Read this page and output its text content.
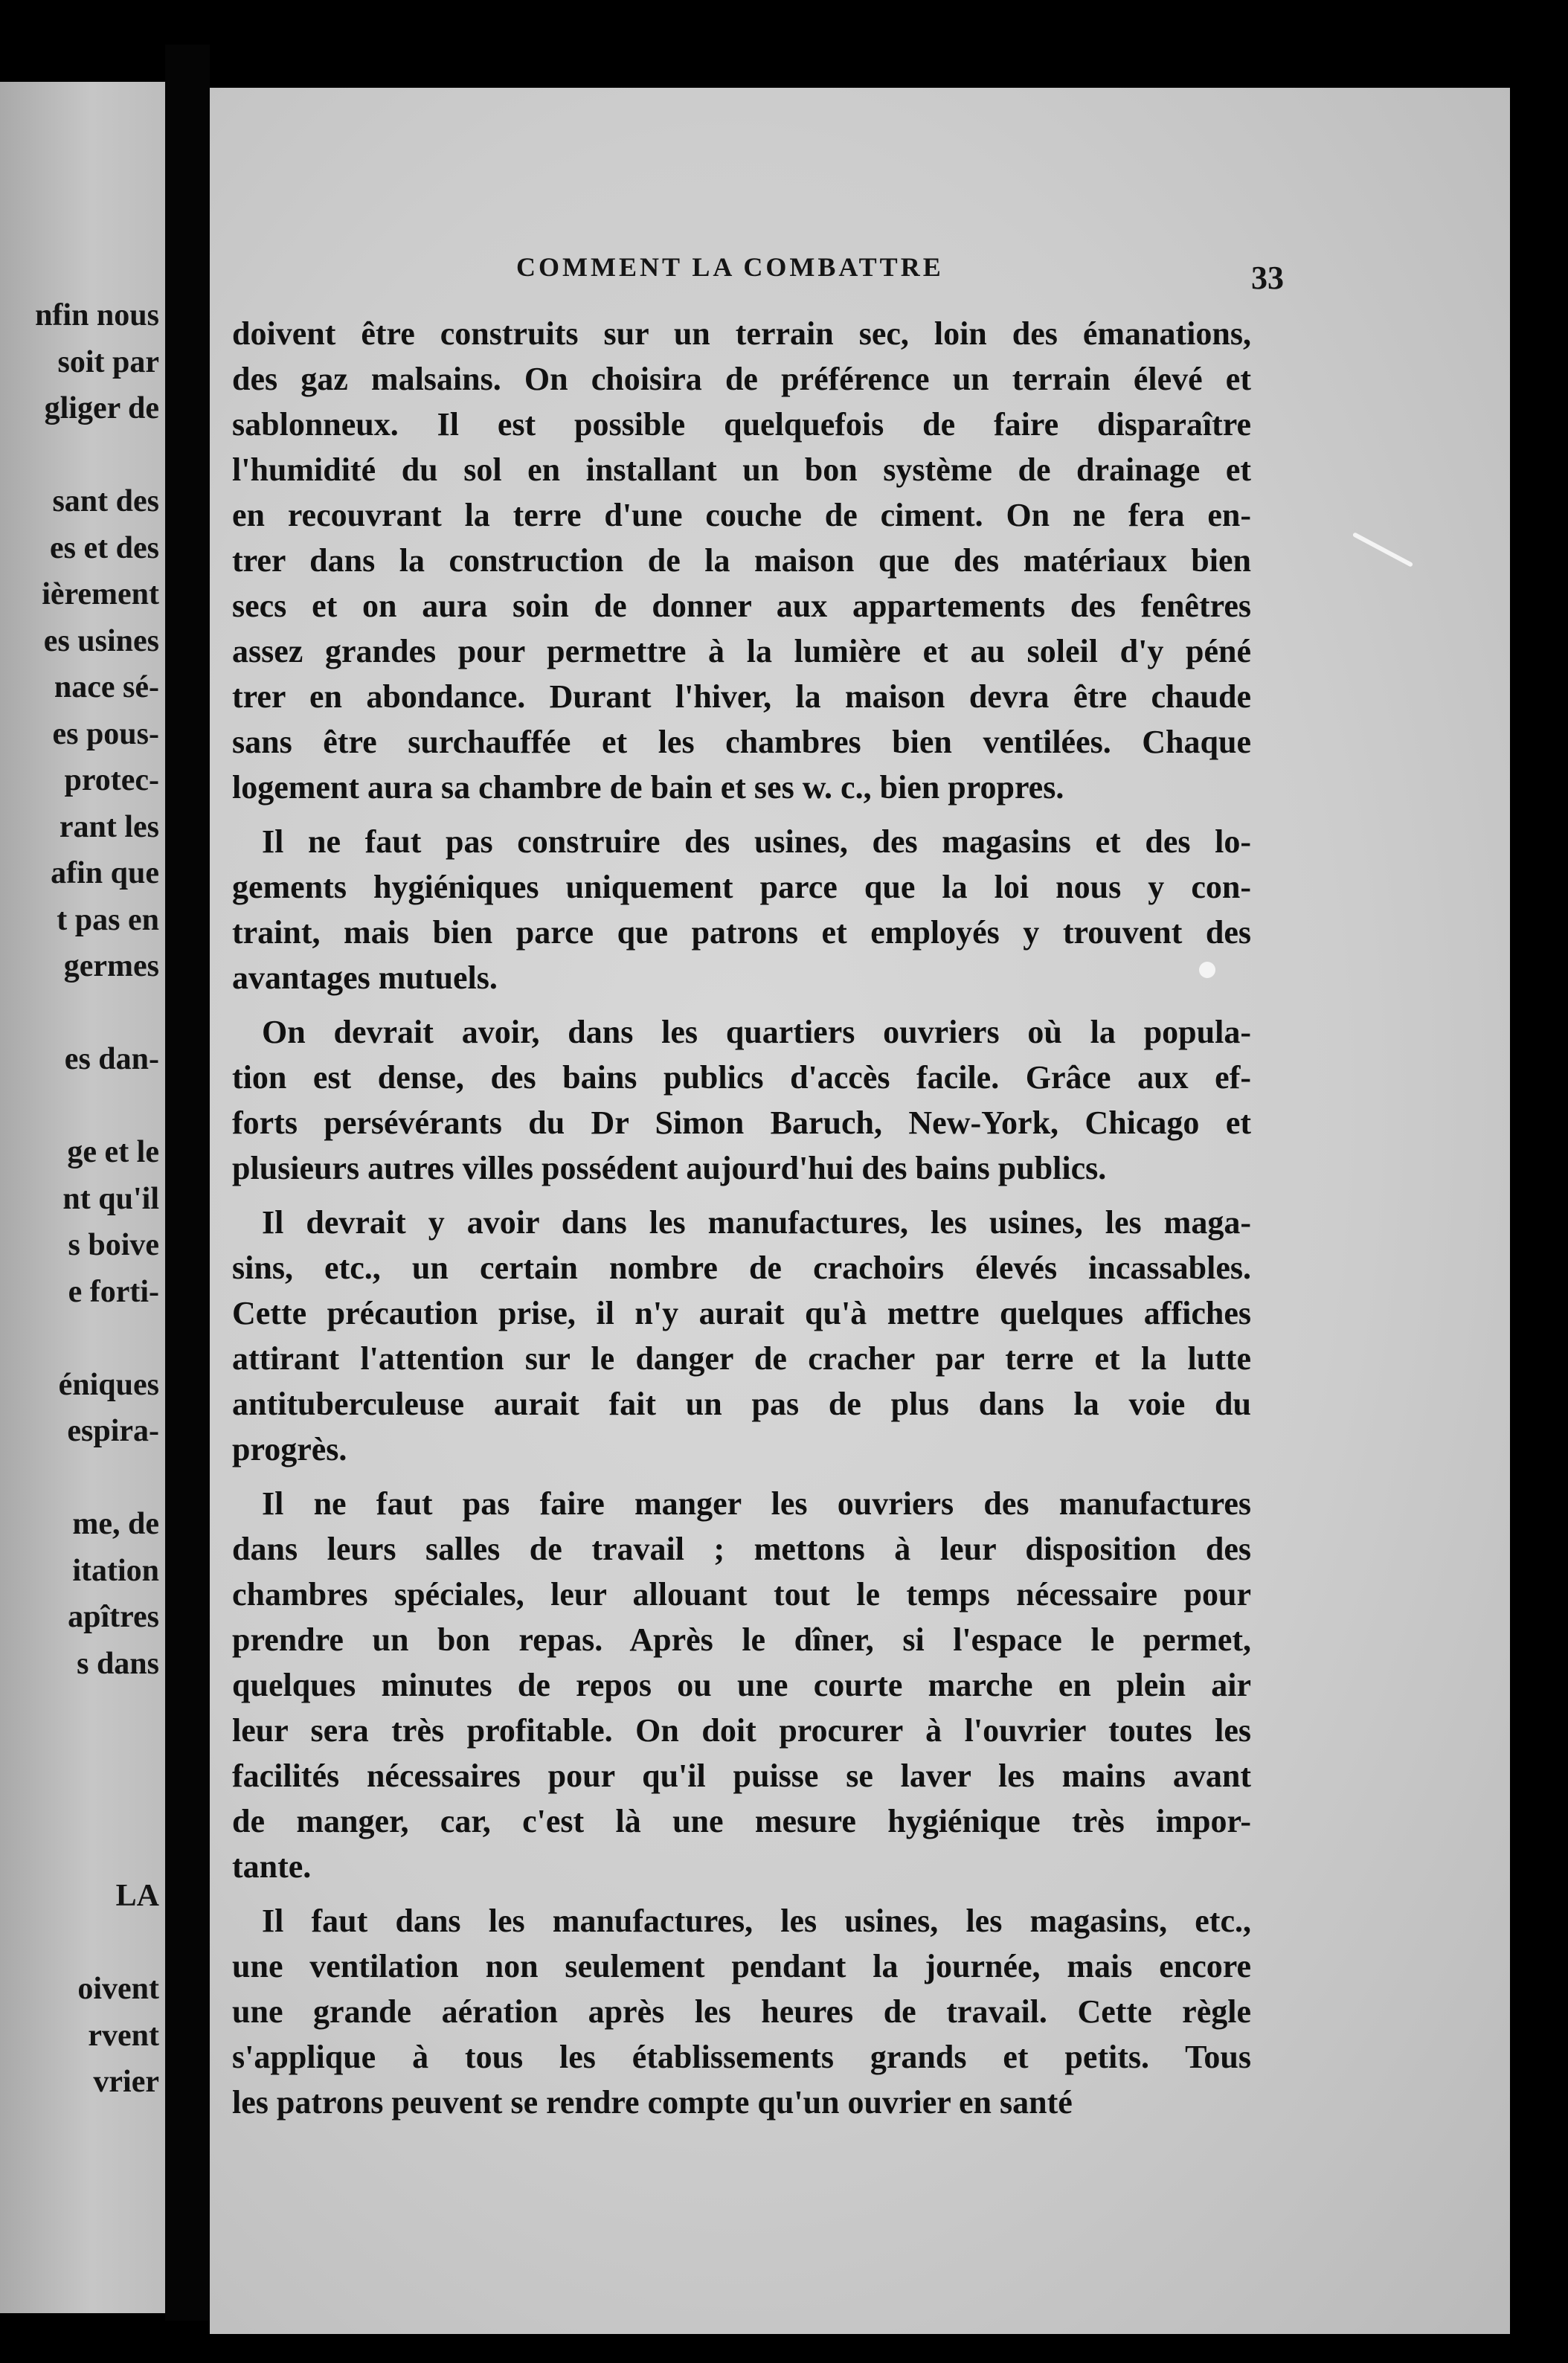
nfin nous
soit par
gliger de
sant des
es et des
ièrement
es usines
nace sé-
es pous-
protec-
rant les
afin que
t pas en
germes
es dan-
ge et le
nt qu'il
s boive
e forti-
éniques
espira-
me, de
itation
apîtres
s dans
LA
oivent
rvent
vrier
COMMENT LA COMBATTRE	33
doivent être construits sur un terrain sec, loin des émanations,
des gaz malsains. On choisira de préférence un terrain élevé et
sablonneux. Il est possible quelquefois de faire disparaître
l'humidité du sol en installant un bon système de drainage et
en recouvrant la terre d'une couche de ciment. On ne fera en-
trer dans la construction de la maison que des matériaux bien
secs et on aura soin de donner aux appartements des fenêtres
assez grandes pour permettre à la lumière et au soleil d'y péné
trer en abondance. Durant l'hiver, la maison devra être chaude
sans être surchauffée et les chambres bien ventilées. Chaque
logement aura sa chambre de bain et ses w. c., bien propres.
Il ne faut pas construire des usines, des magasins et des lo-
gements hygiéniques uniquement parce que la loi nous y con-
traint, mais bien parce que patrons et employés y trouvent des
avantages mutuels.
On devrait avoir, dans les quartiers ouvriers où la popula-
tion est dense, des bains publics d'accès facile. Grâce aux ef-
forts persévérants du Dr Simon Baruch, New-York, Chicago et
plusieurs autres villes possédent aujourd'hui des bains publics.
Il devrait y avoir dans les manufactures, les usines, les maga-
sins, etc., un certain nombre de crachoirs élevés incassables.
Cette précaution prise, il n'y aurait qu'à mettre quelques affiches
attirant l'attention sur le danger de cracher par terre et la lutte
antituberculeuse aurait fait un pas de plus dans la voie du
progrès.
Il ne faut pas faire manger les ouvriers des manufactures
dans leurs salles de travail ; mettons à leur disposition des
chambres spéciales, leur allouant tout le temps nécessaire pour
prendre un bon repas. Après le dîner, si l'espace le permet,
quelques minutes de repos ou une courte marche en plein air
leur sera très profitable. On doit procurer à l'ouvrier toutes les
facilités nécessaires pour qu'il puisse se laver les mains avant
de manger, car, c'est là une mesure hygiénique très impor-
tante.
Il faut dans les manufactures, les usines, les magasins, etc.,
une ventilation non seulement pendant la journée, mais encore
une grande aération après les heures de travail. Cette règle
s'applique à tous les établissements grands et petits. Tous
les patrons peuvent se rendre compte qu'un ouvrier en santé
